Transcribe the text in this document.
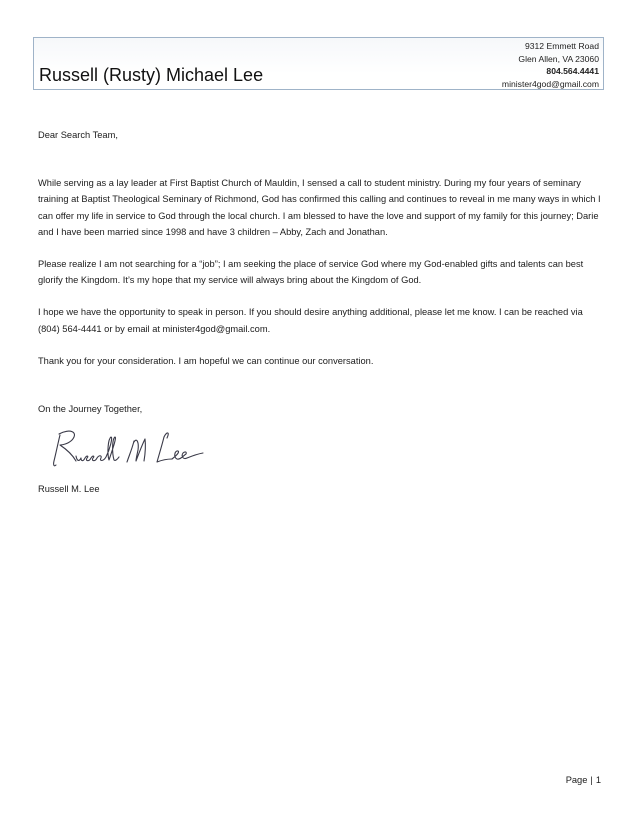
Russell (Rusty) Michael Lee
9312 Emmett Road
Glen Allen, VA 23060
804.564.4441
minister4god@gmail.com

Dear Search Team,

While serving as a lay leader at First Baptist Church of Mauldin, I sensed a call to student ministry. During my four years of seminary training at Baptist Theological Seminary of Richmond, God has confirmed this calling and continues to reveal in me many ways in which I can offer my life in service to God through the local church. I am blessed to have the love and support of my family for this journey; Darie and I have been married since 1998 and have 3 children – Abby, Zach and Jonathan.

Please realize I am not searching for a “job”; I am seeking the place of service God where my God-enabled gifts and talents can best glorify the Kingdom. It’s my hope that my service will always bring about the Kingdom of God.

I hope we have the opportunity to speak in person. If you should desire anything additional, please let me know. I can be reached via (804) 564-4441 or by email at minister4god@gmail.com.

Thank you for your consideration. I am hopeful we can continue our conversation.

On the Journey Together,

Russell M. Lee

Page | 1
